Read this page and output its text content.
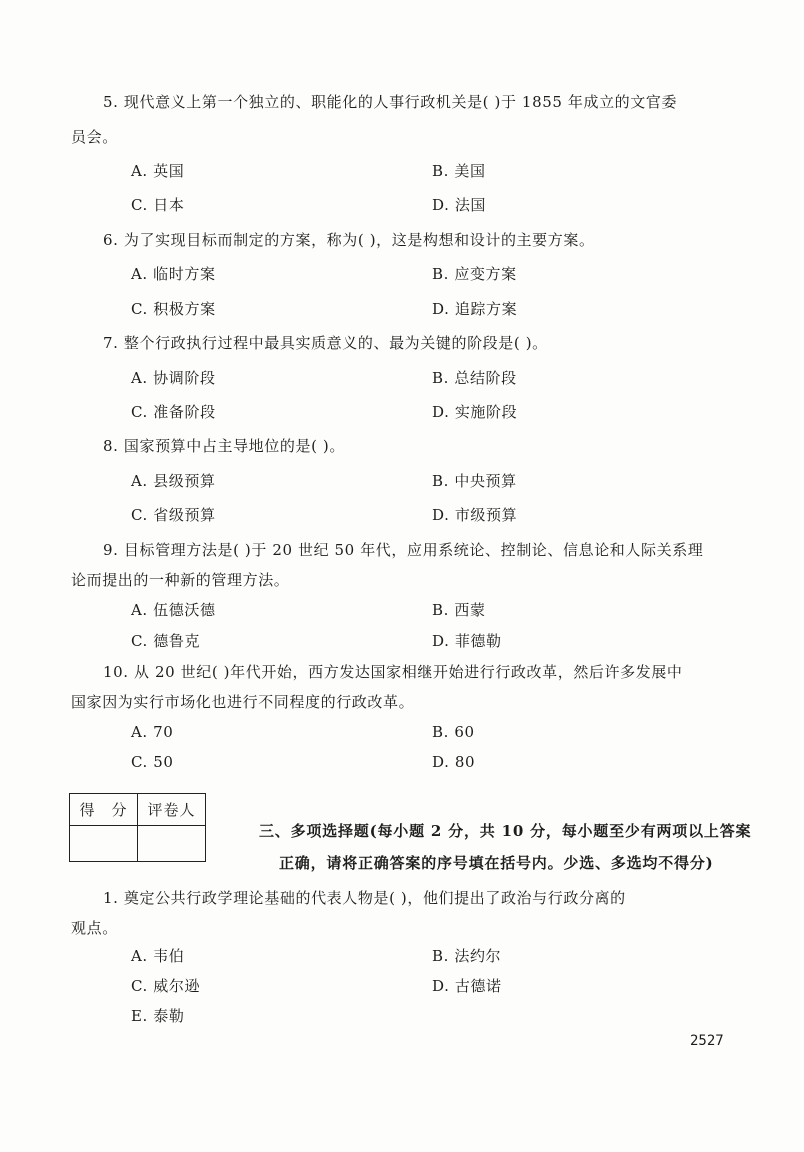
5. 现代意义上第一个独立的、职能化的人事行政机关是( )于 1855 年成立的文官委
员会。
A. 英国	B. 美国
C. 日本	D. 法国
6. 为了实现目标而制定的方案，称为( )，这是构想和设计的主要方案。
A. 临时方案	B. 应变方案
C. 积极方案	D. 追踪方案
7. 整个行政执行过程中最具实质意义的、最为关键的阶段是( )。
A. 协调阶段	B. 总结阶段
C. 准备阶段	D. 实施阶段
8. 国家预算中占主导地位的是( )。
A. 县级预算	B. 中央预算
C. 省级预算	D. 市级预算
9. 目标管理方法是( )于 20 世纪 50 年代，应用系统论、控制论、信息论和人际关系理
论而提出的一种新的管理方法。
A. 伍德沃德	B. 西蒙
C. 德鲁克	D. 菲德勒
10. 从 20 世纪( )年代开始，西方发达国家相继开始进行行政改革，然后许多发展中
国家因为实行市场化也进行不同程度的行政改革。
A. 70	B. 60
C. 50	D. 80
得　分	评卷人

三、多项选择题(每小题 2 分，共 10 分，每小题至少有两项以上答案
正确，请将正确答案的序号填在括号内。少选、多选均不得分)
1. 奠定公共行政学理论基础的代表人物是( )，他们提出了政治与行政分离的
观点。
A. 韦伯	B. 法约尔
C. 威尔逊	D. 古德诺
E. 泰勒
2527
